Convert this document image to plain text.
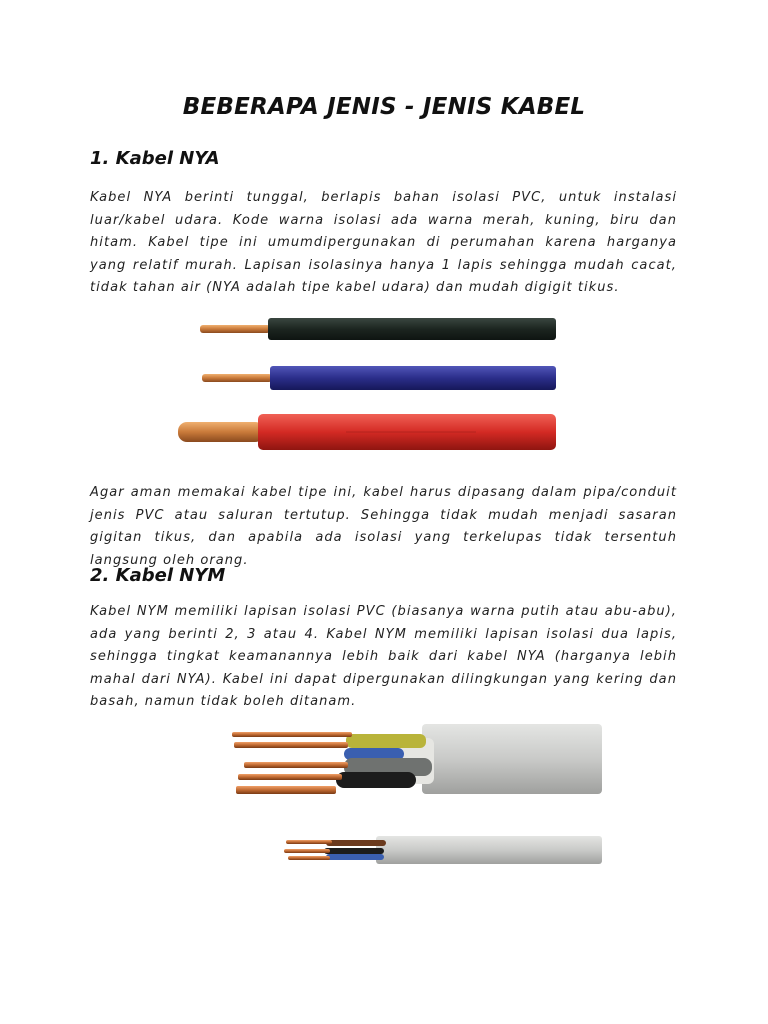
BEBERAPA JENIS - JENIS KABEL
1. Kabel NYA
Kabel NYA berinti tunggal, berlapis bahan isolasi PVC, untuk instalasi luar/kabel udara. Kode warna isolasi ada warna merah, kuning, biru dan hitam. Kabel tipe ini umumdipergunakan di perumahan karena harganya yang relatif murah. Lapisan isolasinya hanya 1 lapis sehingga mudah cacat, tidak tahan air (NYA adalah tipe kabel udara) dan mudah digigit tikus.
Agar aman memakai kabel tipe ini, kabel harus dipasang dalam pipa/conduit jenis PVC atau saluran tertutup. Sehingga tidak mudah menjadi sasaran gigitan tikus, dan apabila ada isolasi yang terkelupas tidak tersentuh langsung oleh orang.
2. Kabel NYM
Kabel NYM memiliki lapisan isolasi PVC (biasanya warna putih atau abu-abu), ada yang berinti 2, 3 atau 4. Kabel NYM memiliki lapisan isolasi dua lapis, sehingga tingkat keamanannya lebih baik dari kabel NYA (harganya lebih mahal dari NYA). Kabel ini dapat dipergunakan dilingkungan yang kering dan basah, namun tidak boleh ditanam.
